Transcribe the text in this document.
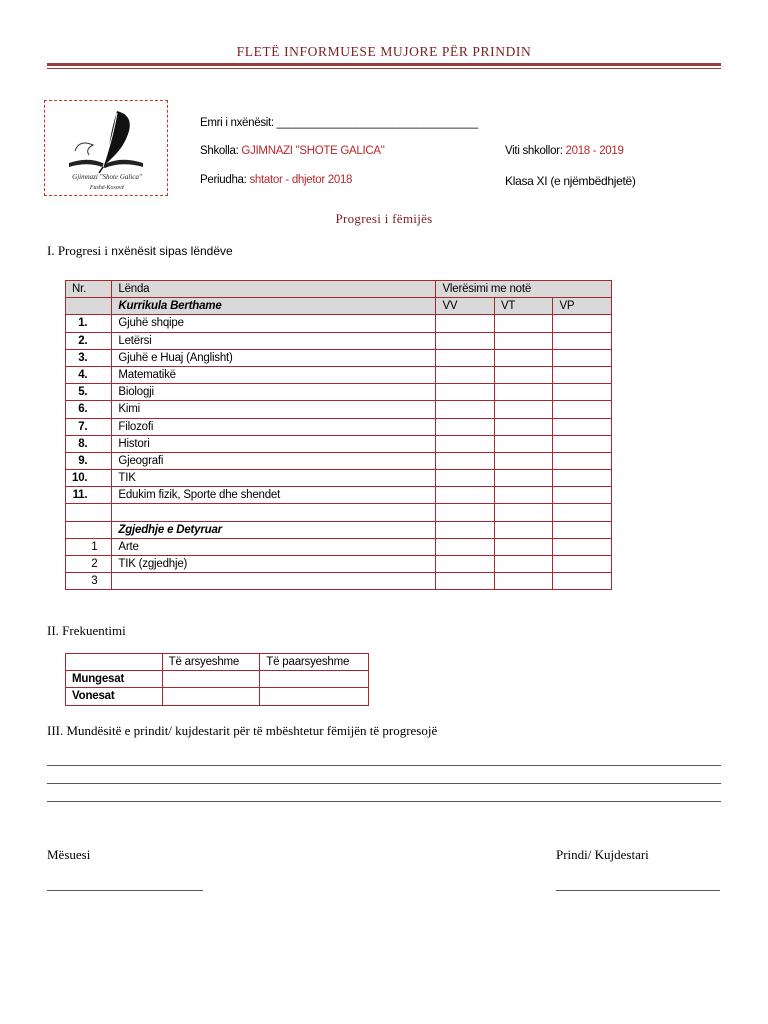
FLETË INFORMUESE MUJORE PËR PRINDIN
Gjimnazi "Shote Galica"
Fushë-Kosovë
Emri i nxënësit: _________________________________
Shkolla: GJIMNAZI "SHOTE GALICA"	Viti shkollor: 2018 - 2019
Periudha: shtator - dhjetor 2018	Klasa XI (e njëmbëdhjetë)
Progresi i fëmijës
I. Progresi i nxënësit sipas lëndëve
Nr.	Lënda	Vlerësimi me notë		
	Kurrikula Berthame	VV	VT	VP
1.	Gjuhë shqipe			
2.	Letërsi			
3.	Gjuhë e Huaj (Anglisht)			
4.	Matematikë			
5.	Biologji			
6.	Kimi			
7.	Filozofi			
8.	Histori			
9.	Gjeografi			
10.	TIK			
11.	Edukim fizik, Sporte dhe shendet			

	Zgjedhje e Detyruar			
1	Arte			
2	TIK (zgjedhje)			
3				
II. Frekuentimi
	Të arsyeshme	Të paarsyeshme
Mungesat		
Vonesat		
III. Mundësitë e prindit/ kujdestarit për të mbështetur fëmijën të progresojë
Mësuesi	Prindi/ Kujdestari
